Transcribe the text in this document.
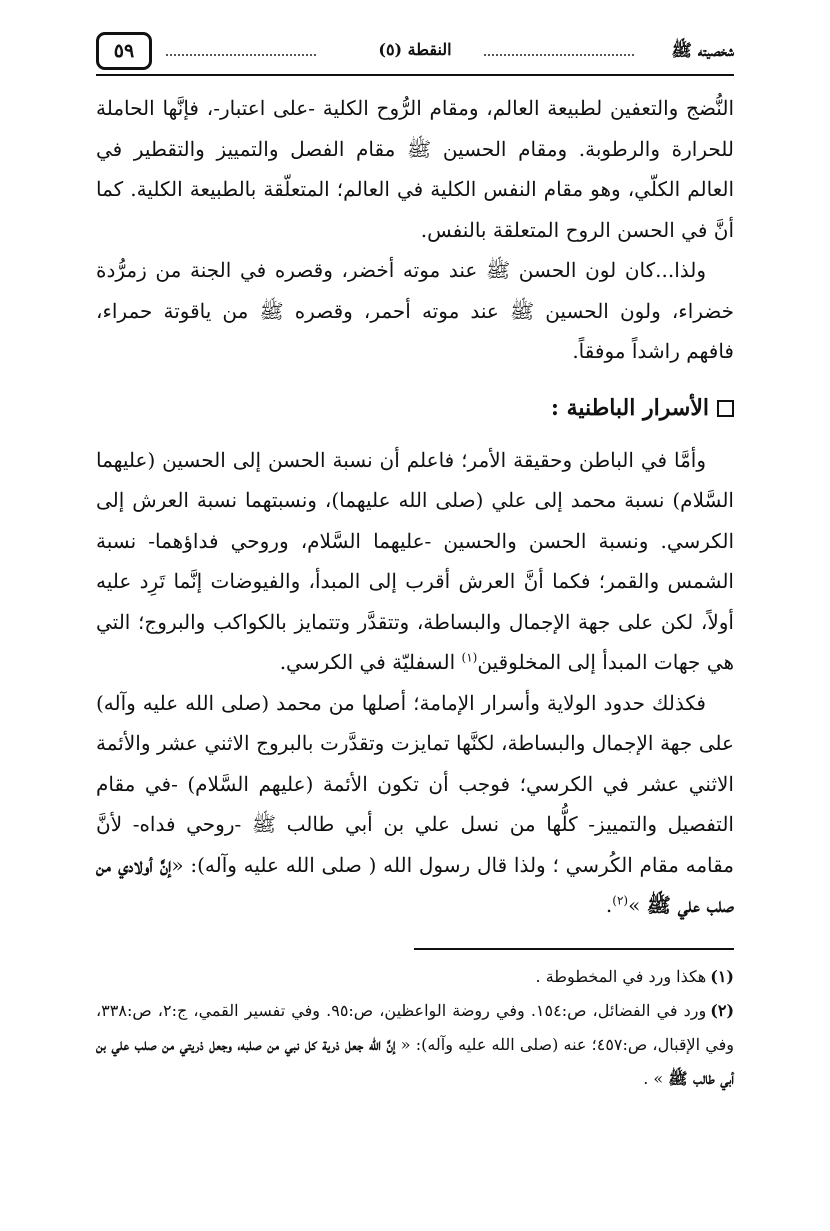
شخصيته ﷺ
النقطة (٥)
٥٩

النُّضج والتعفين لطبيعة العالم، ومقام الرُّوح الكلية -على اعتبار-، فإنَّها الحاملة للحرارة والرطوبة. ومقام الحسين ﷺ مقام الفصل والتمييز والتقطير في العالم الكلّي، وهو مقام النفس الكلية في العالم؛ المتعلّقة بالطبيعة الكلية. كما أنَّ في الحسن الروح المتعلقة بالنفس.

ولذا...كان لون الحسن ﷺ عند موته أخضر، وقصره في الجنة من زمرُّدة خضراء، ولون الحسين ﷺ عند موته أحمر، وقصره ﷺ من ياقوتة حمراء، فافهم راشداً موفقاً.

الأسرار الباطنية :

وأمَّا في الباطن وحقيقة الأمر؛ فاعلم أن نسبة الحسن إلى الحسين (عليهما السَّلام) نسبة محمد إلى علي (صلى الله عليهما)، ونسبتهما نسبة العرش إلى الكرسي. ونسبة الحسن والحسين -عليهما السَّلام، وروحي فداؤهما- نسبة الشمس والقمر؛ فكما أنَّ العرش أقرب إلى المبدأ، والفيوضات إنَّما تَرِد عليه أولاً، لكن على جهة الإجمال والبساطة، وتتقدَّر وتتمايز بالكواكب والبروج؛ التي هي جهات المبدأ إلى المخلوقين$^{(١)}$ السفليّة في الكرسي.

فكذلك حدود الولاية وأسرار الإمامة؛ أصلها من محمد (صلى الله عليه وآله) على جهة الإجمال والبساطة، لكنَّها تمايزت وتقدَّرت بالبروج الاثني عشر والأئمة الاثني عشر في الكرسي؛ فوجب أن تكون الأئمة (عليهم السَّلام) -في مقام التفصيل والتمييز- كلُّها من نسل علي بن أبي طالب ﷺ -روحي فداه- لأنَّ مقامه مقام الكُرسي ؛ ولذا قال رسول الله ( صلى الله عليه وآله): «إنَّ أولادي من صلب علي ﷺ »$^{(٢)}$.

(١)هكذا ورد في المخطوطة .

(٢)ورد في الفضائل، ص:١٥٤. وفي روضة الواعظين، ص:٩٥. وفي تفسير القمي، ج:٢، ص:٣٣٨، وفي الإقبال، ص:٤٥٧؛ عنه (صلى الله عليه وآله): « إنَّ الله جعل ذرية كل نبي من صلبه، وجعل ذريتي من صلب علي بن أبي طالب ﷺ » .
